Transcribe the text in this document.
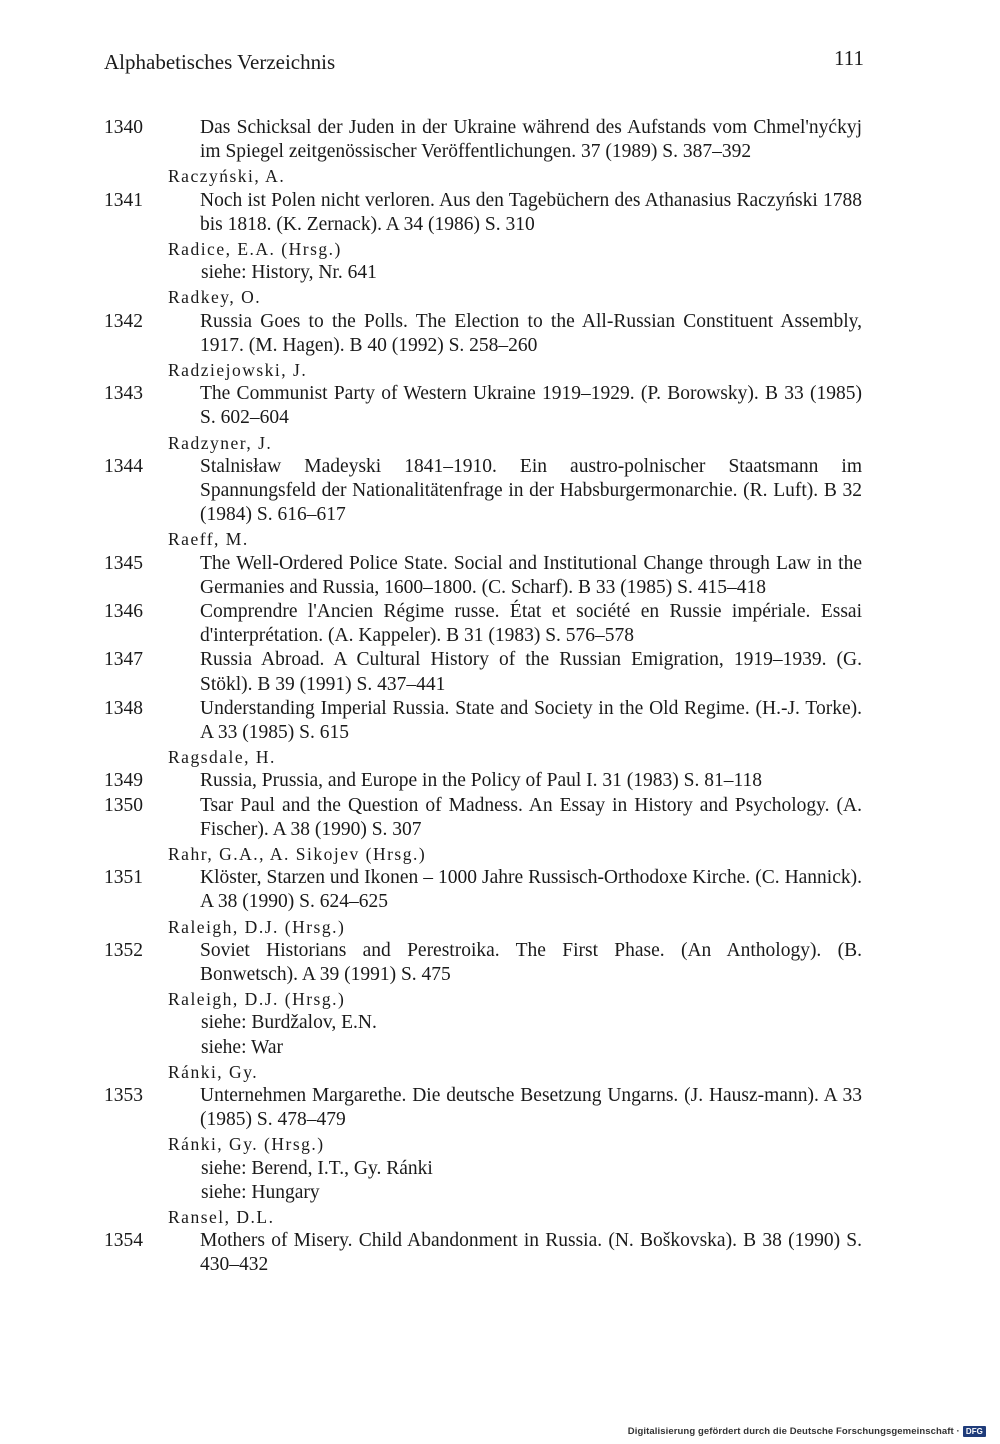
Alphabetisches Verzeichnis	111
1340	Das Schicksal der Juden in der Ukraine während des Aufstands vom Chmel'nyćkyj im Spiegel zeitgenössischer Veröffentlichungen. 37 (1989) S. 387–392
Raczyński, A.
1341	Noch ist Polen nicht verloren. Aus den Tagebüchern des Athanasius Raczyński 1788 bis 1818. (K. Zernack). A 34 (1986) S. 310
Radice, E.A. (Hrsg.)
siehe: History, Nr. 641
Radkey, O.
1342	Russia Goes to the Polls. The Election to the All-Russian Constituent Assembly, 1917. (M. Hagen). B 40 (1992) S. 258–260
Radziejowski, J.
1343	The Communist Party of Western Ukraine 1919–1929. (P. Borowsky). B 33 (1985) S. 602–604
Radzyner, J.
1344	Stalnisław Madeyski 1841–1910. Ein austro-polnischer Staatsmann im Spannungsfeld der Nationalitätenfrage in der Habsburgermonarchie. (R. Luft). B 32 (1984) S. 616–617
Raeff, M.
1345	The Well-Ordered Police State. Social and Institutional Change through Law in the Germanies and Russia, 1600–1800. (C. Scharf). B 33 (1985) S. 415–418
1346	Comprendre l'Ancien Régime russe. État et société en Russie impériale. Essai d'interprétation. (A. Kappeler). B 31 (1983) S. 576–578
1347	Russia Abroad. A Cultural History of the Russian Emigration, 1919–1939. (G. Stökl). B 39 (1991) S. 437–441
1348	Understanding Imperial Russia. State and Society in the Old Regime. (H.-J. Torke). A 33 (1985) S. 615
Ragsdale, H.
1349	Russia, Prussia, and Europe in the Policy of Paul I. 31 (1983) S. 81–118
1350	Tsar Paul and the Question of Madness. An Essay in History and Psychology. (A. Fischer). A 38 (1990) S. 307
Rahr, G.A., A. Sikojev (Hrsg.)
1351	Klöster, Starzen und Ikonen – 1000 Jahre Russisch-Orthodoxe Kirche. (C. Hannick). A 38 (1990) S. 624–625
Raleigh, D.J. (Hrsg.)
1352	Soviet Historians and Perestroika. The First Phase. (An Anthology). (B. Bonwetsch). A 39 (1991) S. 475
Raleigh, D.J. (Hrsg.)
siehe: Burdžalov, E.N.
siehe: War
Ránki, Gy.
1353	Unternehmen Margarethe. Die deutsche Besetzung Ungarns. (J. Hausz-mann). A 33 (1985) S. 478–479
Ránki, Gy. (Hrsg.)
siehe: Berend, I.T., Gy. Ránki
siehe: Hungary
Ransel, D.L.
1354	Mothers of Misery. Child Abandonment in Russia. (N. Boškovska). B 38 (1990) S. 430–432
Digitalisierung gefördert durch die Deutsche Forschungsgemeinschaft · DFG
